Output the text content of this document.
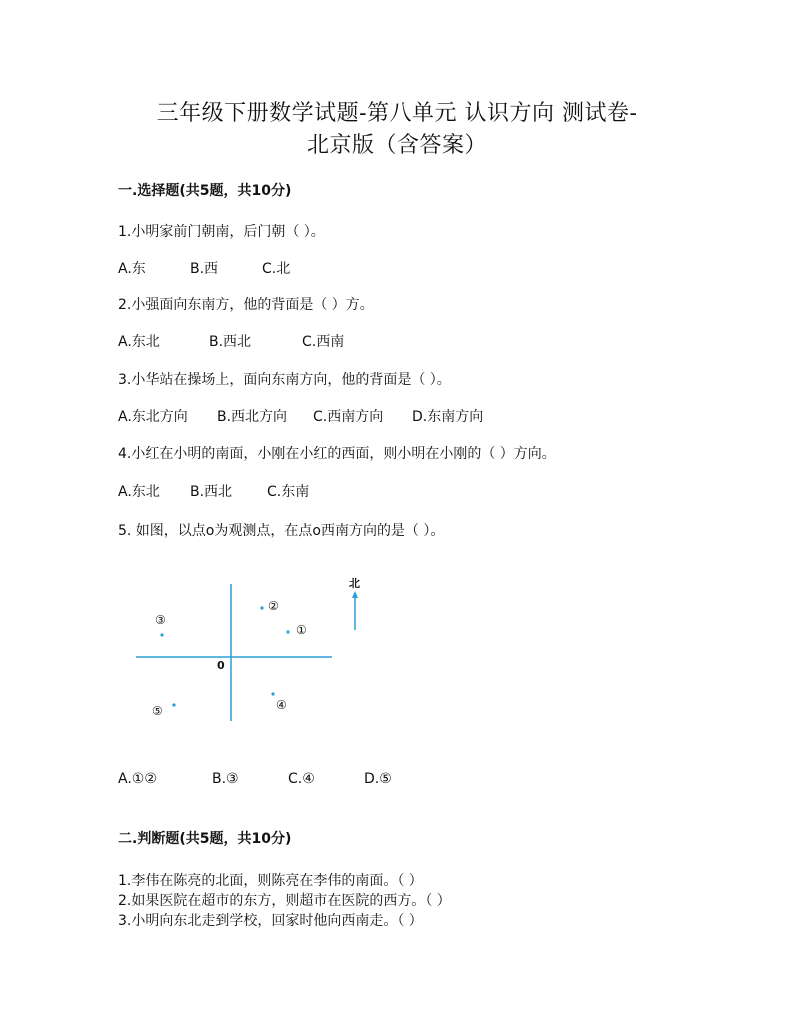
三年级下册数学试题-第八单元 认识方向 测试卷-
北京版（含答案）
一.选择题(共5题，共10分)
1.小明家前门朝南，后门朝（ ）。
A.东	B.西	C.北
2.小强面向东南方，他的背面是（ ）方。
A.东北	B.西北	C.西南
3.小华站在操场上，面向东南方向，他的背面是（ ）。
A.东北方向 B.西北方向 C.西南方向 D.东南方向
4.小红在小明的南面，小刚在小红的西面，则小明在小刚的（ ）方向。
A.东北 B.西北 C.东南
5. 如图，以点o为观测点，在点o西南方向的是（ ）。
0
北
①
②
③
④
⑤
A.①②	B.③	C.④	D.⑤
二.判断题(共5题，共10分)
1.李伟在陈亮的北面，则陈亮在李伟的南面。（ ）
2.如果医院在超市的东方，则超市在医院的西方。（ ）
3.小明向东北走到学校，回家时他向西南走。（ ）
